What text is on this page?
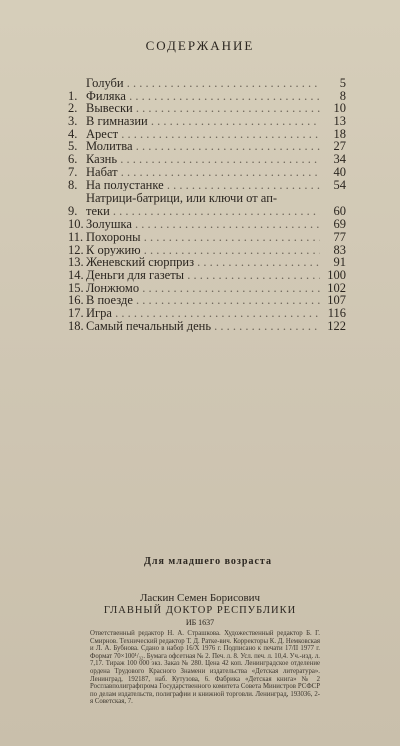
СОДЕРЖАНИЕ
Голуби . . .	5
1. Филяка . . .	8
2. Вывески . . .	10
3. В гимназии . . .	13
4. Арест . . .	18
5. Молитва . . .	27
6. Казнь . . .	34
7. Набат . . .	40
8. На полустанке . . .	54
9.
Натрици-батрици, или ключи от ап-
теки . . .	60
10. Золушка . . .	69
11. Похороны . . .	77
12. К оружию . . .	83
13. Женевский сюрприз . . .	91
14. Деньги для газеты . . .	100
15. Лонжюмо . . .	102
16. В поезде . . .	107
17. Игра . . .	116
18. Самый печальный день . . .	122
Для младшего возраста
Ласкин Семен Борисович
ГЛАВНЫЙ ДОКТОР РЕСПУБЛИКИ
ИБ 1637
Ответственный редактор Н. А. Страшкова. Художественный редактор Б. Г. Смирнов. Технический редактор Т. Д. Ратке-вич. Корректоры К. Д. Немковская и Л. А. Бубнова. Сдано в набор 16/X 1976 г. Подписано к печати 17/II 1977 г. Формат 70×100¹/₃₂. Бумага офсетная № 2. Печ. л. 8. Усл. печ. л. 10,4. Уч.-изд. л. 7,17. Тираж 100 000 экз. Заказ № 280. Цена 42 коп. Ленинградское отделение ордена Трудового Красного Знамени издательства «Детская литература». Ленинград, 192187, наб. Кутузова, 6. Фабрика «Детская книга» № 2 Росглавполиграфпрома Государственного комитета Совета Министров РСФСР по делам издательств, полиграфии и книжной торговли. Ленинград, 193036, 2-я Советская, 7.
